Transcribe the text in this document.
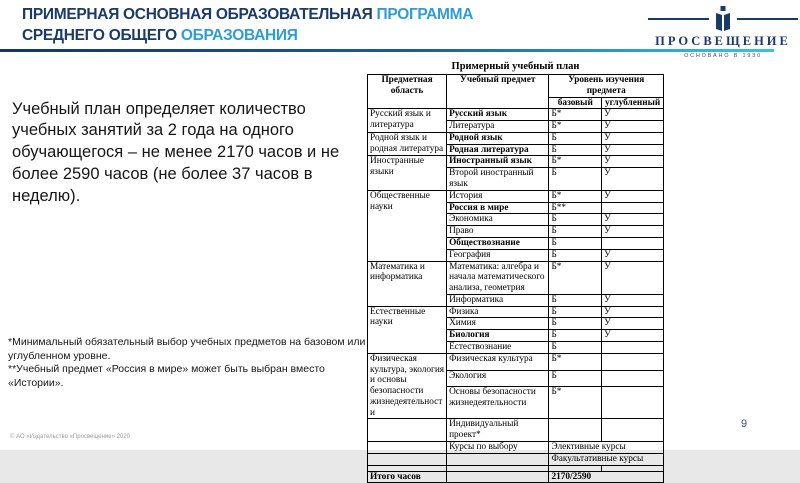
ПРИМЕРНАЯ ОСНОВНАЯ ОБРАЗОВАТЕЛЬНАЯ ПРОГРАММА
СРЕДНЕГО ОБЩЕГО ОБРАЗОВАНИЯ	ПРОСВЕЩЕНИЕ
ОСНОВАНО В 1930

Учебный план определяет количество учебных занятий за 2 года на одного обучающегося – не менее 2170 часов и не более 2590 часов (не более 37 часов в неделю).

Примерный учебный план
Предметная область	Учебный предмет	Уровень изучения предмета	
		базовый	углубленный
Русский язык и литература	Русский язык	Б*	У
	Литература	Б*	У
Родной язык и родная литература	Родной язык	Б	У
	Родная литература	Б	У
Иностранные языки	Иностранный язык	Б*	У
	Второй иностранный язык	Б	У
Общественные науки	История	Б*	У
	Россия в мире	Б**	
	Экономика	Б	У
	Право	Б	У
	Обществознание	Б	
	География	Б	У
Математика и информатика	Математика: алгебра и начала математического анализа, геометрия	Б*	У
	Информатика	Б	У
Естественные науки	Физика	Б	У
	Химия	Б	У
	Биология	Б	У
	Естествознание	Б	
Физическая культура, экология и основы безопасности жизнедеятельности	Физическая культура	Б*	
	Экология	Б	
	Основы безопасности жизнедеятельности	Б*	
	Индивидуальный проект*		
	Курсы по выбору	Элективные курсы	
		Факультативные курсы	

Итого часов		2170/2590	
*Минимальный обязательный выбор учебных предметов на базовом или углубленном уровне.
**Учебный предмет «Россия в мире» может быть выбран вместо «Истории».
© АО «Издательство «Просвещение» 2020
9
